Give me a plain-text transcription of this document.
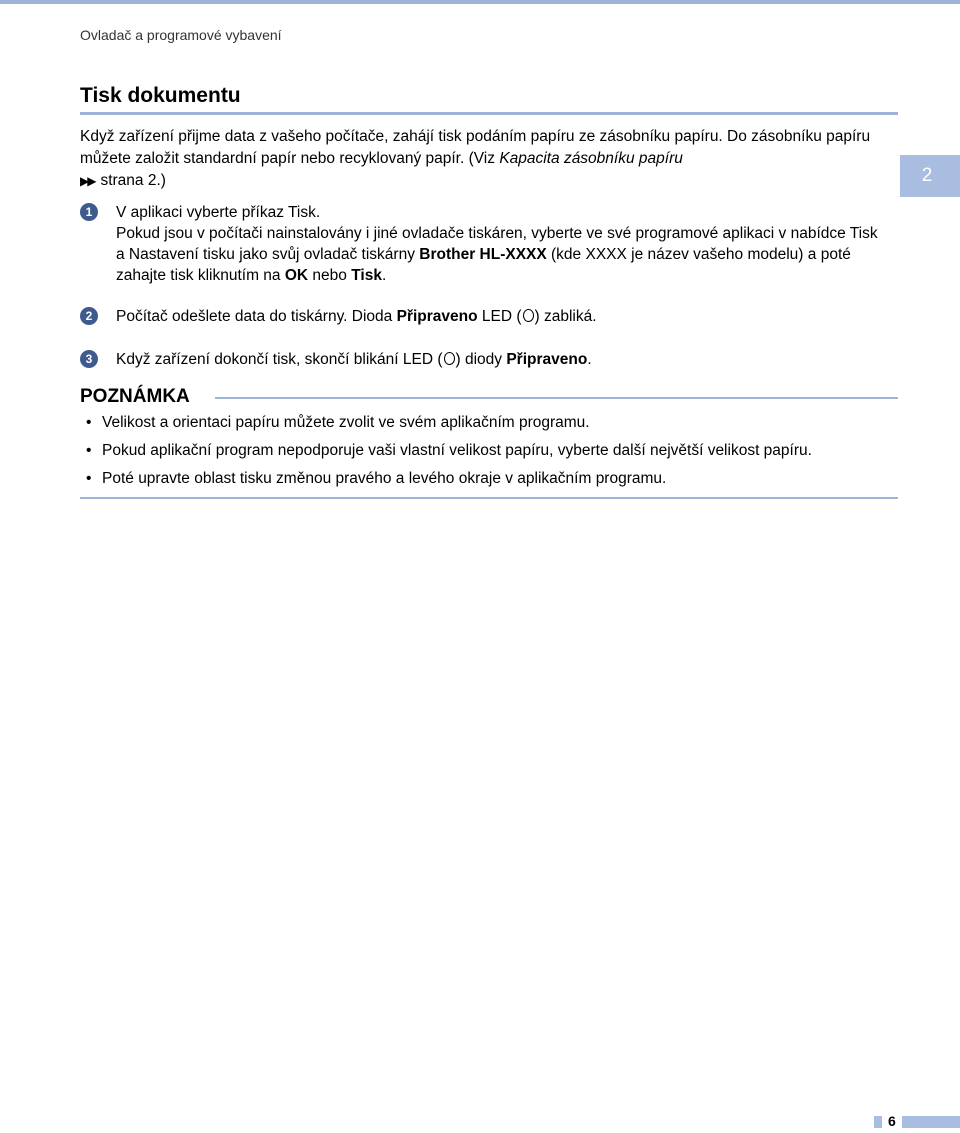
Ovladač a programové vybavení
2
Tisk dokumentu
Když zařízení přijme data z vašeho počítače, zahájí tisk podáním papíru ze zásobníku papíru. Do zásobníku papíru můžete založit standardní papír nebo recyklovaný papír. (Viz Kapacita zásobníku papíru
▶▶ strana 2.)
1	V aplikaci vyberte příkaz Tisk.
Pokud jsou v počítači nainstalovány i jiné ovladače tiskáren, vyberte ve své programové aplikaci v nabídce Tisk a Nastavení tisku jako svůj ovladač tiskárny Brother HL-XXXX (kde XXXX je název vašeho modelu) a poté zahajte tisk kliknutím na OK nebo Tisk.
2	Počítač odešlete data do tiskárny. Dioda Připraveno LED ( ) zabliká.
3	Když zařízení dokončí tisk, skončí blikání LED ( ) diody Připraveno.
POZNÁMKA
• Velikost a orientaci papíru můžete zvolit ve svém aplikačním programu.
• Pokud aplikační program nepodporuje vaši vlastní velikost papíru, vyberte další největší velikost papíru.
• Poté upravte oblast tisku změnou pravého a levého okraje v aplikačním programu.
6
